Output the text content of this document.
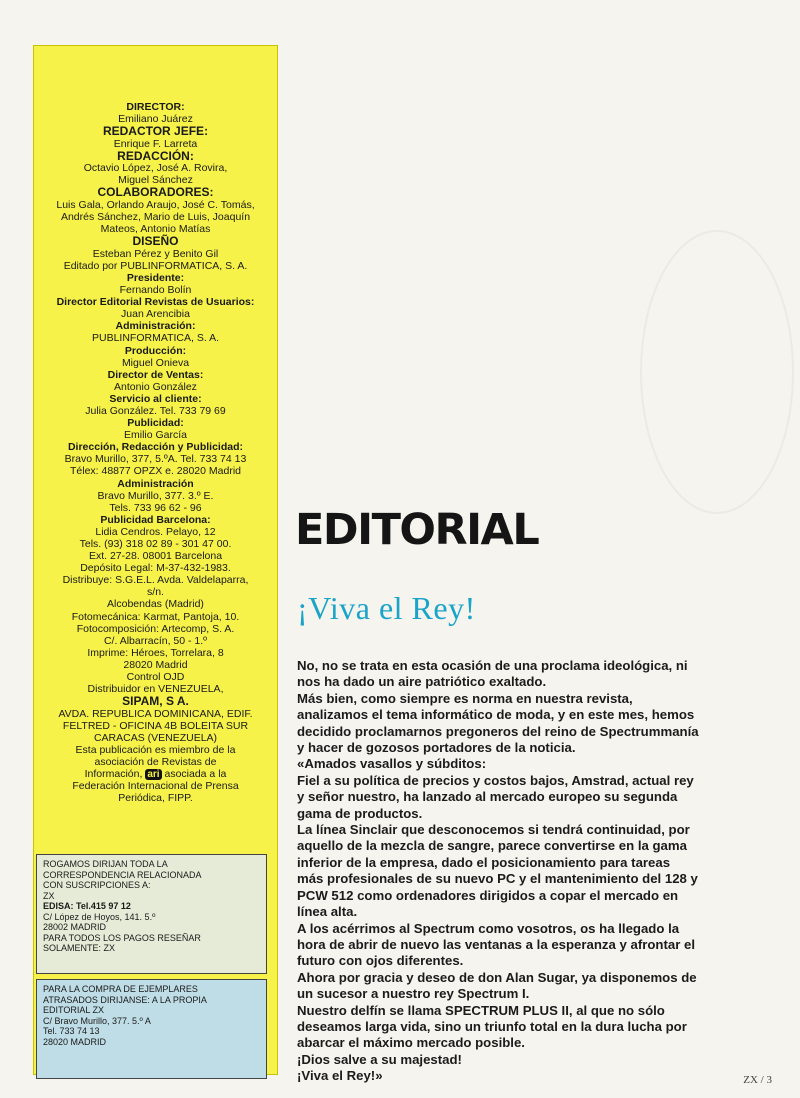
DIRECTOR:
Emiliano Juárez
REDACTOR JEFE:
Enrique F. Larreta
REDACCIÓN:
Octavio López, José A. Rovira,
Miguel Sánchez
COLABORADORES:
Luis Gala, Orlando Araujo, José C. Tomás,
Andrés Sánchez, Mario de Luis, Joaquín
Mateos, Antonio Matías
DISEÑO
Esteban Pérez y Benito Gil
Editado por PUBLINFORMATICA, S. A.
Presidente:
Fernando Bolín
Director Editorial Revistas de Usuarios:
Juan Arencibia
Administración:
PUBLINFORMATICA, S. A.
Producción:
Miguel Onieva
Director de Ventas:
Antonio González
Servicio al cliente:
Julia González. Tel. 733 79 69
Publicidad:
Emilio García
Dirección, Redacción y Publicidad:
Bravo Murillo, 377, 5.ºA. Tel. 733 74 13
Télex: 48877 OPZX e. 28020 Madrid
Administración
Bravo Murillo, 377. 3.º E.
Tels. 733 96 62 - 96
Publicidad Barcelona:
Lidia Cendros. Pelayo, 12
Tels. (93) 318 02 89 - 301 47 00.
Ext. 27-28. 08001 Barcelona
Depósito Legal: M-37-432-1983.
Distribuye: S.G.E.L. Avda. Valdelaparra,
s/n.
Alcobendas (Madrid)
Fotomecánica: Karmat, Pantoja, 10.
Fotocomposición: Artecomp, S. A.
C/. Albarracín, 50 - 1.º
Imprime: Héroes, Torrelara, 8
28020 Madrid
Control OJD
Distribuidor en VENEZUELA,
SIPAM, S A.
AVDA. REPUBLICA DOMINICANA, EDIF.
FELTRED - OFICINA 4B BOLEITA SUR
CARACAS (VENEZUELA)
Esta publicación es miembro de la
asociación de Revistas de
Información, ari asociada a la
Federación Internacional de Prensa
Periódica, FIPP.
ROGAMOS DIRIJAN TODA LA
CORRESPONDENCIA RELACIONADA
CON SUSCRIPCIONES A:
ZX
EDISA: Tel.415 97 12
C/ López de Hoyos, 141. 5.º
28002 MADRID
PARA TODOS LOS PAGOS RESEÑAR
SOLAMENTE: ZX
PARA LA COMPRA DE EJEMPLARES
ATRASADOS DIRIJANSE: A LA PROPIA
EDITORIAL ZX
C/ Bravo Murillo, 377. 5.º A
Tel. 733 74 13
28020 MADRID
EDITORIAL
¡Viva el Rey!

No, no se trata en esta ocasión de una proclama ideológica, ni

nos ha dado un aire patriótico exaltado.

Más bien, como siempre es norma en nuestra revista,

analizamos el tema informático de moda, y en este mes, hemos

decidido proclamarnos pregoneros del reino de Spectrummanía

y hacer de gozosos portadores de la noticia.

«Amados vasallos y súbditos:

Fiel a su política de precios y costos bajos, Amstrad, actual rey

y señor nuestro, ha lanzado al mercado europeo su segunda

gama de productos.

La línea Sinclair que desconocemos si tendrá continuidad, por

aquello de la mezcla de sangre, parece convertirse en la gama

inferior de la empresa, dado el posicionamiento para tareas

más profesionales de su nuevo PC y el mantenimiento del 128 y

PCW 512 como ordenadores dirigidos a copar el mercado en

línea alta.

A los acérrimos al Spectrum como vosotros, os ha llegado la

hora de abrir de nuevo las ventanas a la esperanza y afrontar el

futuro con ojos diferentes.

Ahora por gracia y deseo de don Alan Sugar, ya disponemos de

un sucesor a nuestro rey Spectrum I.

Nuestro delfín se llama SPECTRUM PLUS II, al que no sólo

deseamos larga vida, sino un triunfo total en la dura lucha por

abarcar el máximo mercado posible.

¡Dios salve a su majestad!

¡Viva el Rey!»	ZX / 3
